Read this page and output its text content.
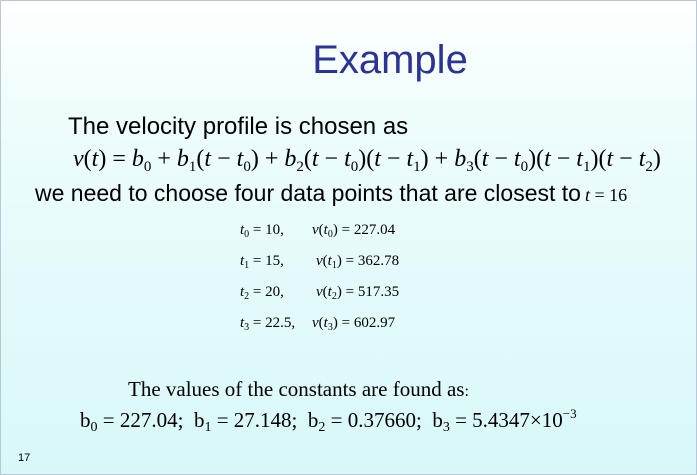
Example
The velocity profile is chosen as
$v(t) = b_0 + b_1(t - t_0) + b_2(t - t_0)(t - t_1) + b_3(t - t_0)(t - t_1)(t - t_2)$
we need to choose four data points that are closest to t = 16
$t_0 = 10$, $v(t_0) = 227.04$
$t_1 = 15$, $v(t_1) = 362.78$
$t_2 = 20$, $v(t_2) = 517.35$
$t_3 = 22.5$, $v(t_3) = 602.97$
The values of the constants are found as:
$b_0 = 227.04$; $b_1 = 27.148$; $b_2 = 0.37660$; $b_3 = 5.4347\times 10^{-3}$
17
